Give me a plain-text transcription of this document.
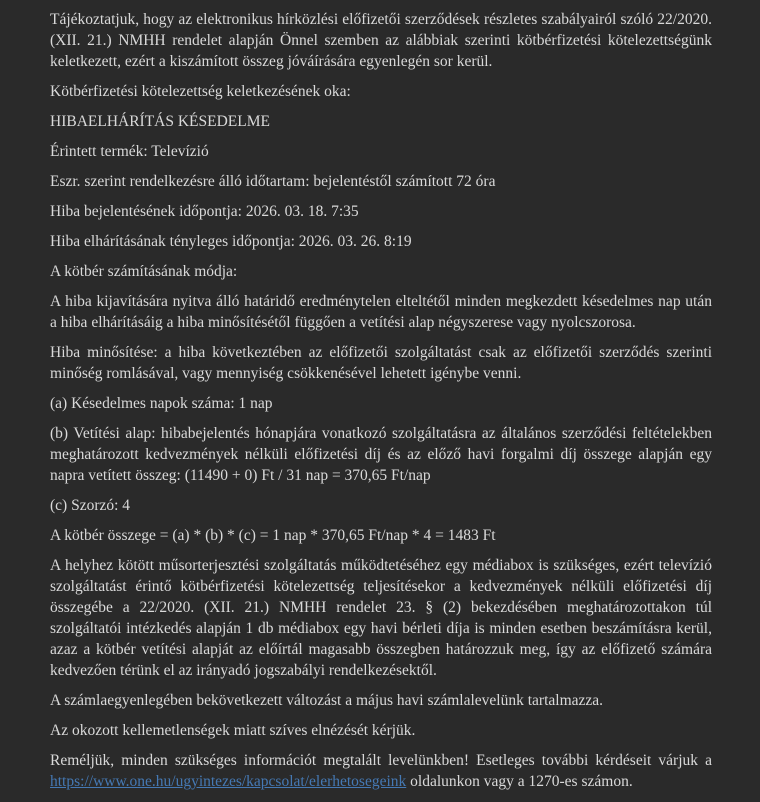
Tájékoztatjuk, hogy az elektronikus hírközlési előfizetői szerződések részletes szabályairól szóló 22/2020. (XII. 21.) NMHH rendelet alapján Önnel szemben az alábbiak szerinti kötbérfizetési kötelezettségünk keletkezett, ezért a kiszámított összeg jóváírására egyenlegén sor kerül.

Kötbérfizetési kötelezettség keletkezésének oka:

HIBAELHÁRÍTÁS KÉSEDELME

Érintett termék: Televízió

Eszr. szerint rendelkezésre álló időtartam: bejelentéstől számított 72 óra

Hiba bejelentésének időpontja: 2026. 03. 18. 7:35

Hiba elhárításának tényleges időpontja: 2026. 03. 26. 8:19

A kötbér számításának módja:

A hiba kijavítására nyitva álló határidő eredménytelen elteltétől minden megkezdett késedelmes nap után a hiba elhárításáig a hiba minősítésétől függően a vetítési alap négyszerese vagy nyolcszorosa.

Hiba minősítése: a hiba következtében az előfizetői szolgáltatást csak az előfizetői szerződés szerinti minőség romlásával, vagy mennyiség csökkenésével lehetett igénybe venni.

(a) Késedelmes napok száma: 1 nap

(b) Vetítési alap: hibabejelentés hónapjára vonatkozó szolgáltatásra az általános szerződési feltételekben meghatározott kedvezmények nélküli előfizetési díj és az előző havi forgalmi díj összege alapján egy napra vetített összeg: (11490 + 0) Ft / 31 nap = 370,65 Ft/nap

(c) Szorzó: 4

A kötbér összege = (a) * (b) * (c) = 1 nap * 370,65 Ft/nap * 4 = 1483 Ft

A helyhez kötött műsorterjesztési szolgáltatás működtetéséhez egy médiabox is szükséges, ezért televízió szolgáltatást érintő kötbérfizetési kötelezettség teljesítésekor a kedvezmények nélküli előfizetési díj összegébe a 22/2020. (XII. 21.) NMHH rendelet 23. § (2) bekezdésében meghatározottakon túl szolgáltatói intézkedés alapján 1 db médiabox egy havi bérleti díja is minden esetben beszámításra kerül, azaz a kötbér vetítési alapját az előírtál magasabb összegben határozzuk meg, így az előfizető számára kedvezően térünk el az irányadó jogszabályi rendelkezésektől.

A számlaegyenlegében bekövetkezett változást a május havi számlalevelünk tartalmazza.

Az okozott kellemetlenségek miatt szíves elnézését kérjük.

Reméljük, minden szükséges információt megtalált levelünkben! Esetleges további kérdéseit várjuk a https://www.one.hu/ugyintezes/kapcsolat/elerhetosegeink oldalunkon vagy a 1270-es számon.
